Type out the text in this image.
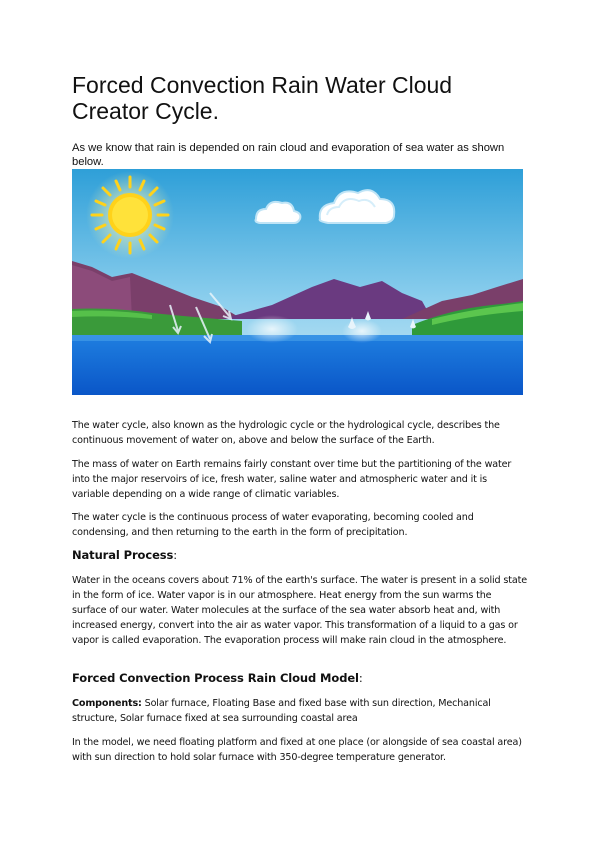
Forced Convection Rain Water Cloud Creator Cycle.
As we know that rain is depended on rain cloud and evaporation of sea water as shown below.

The water cycle, also known as the hydrologic cycle or the hydrological cycle, describes the continuous movement of water on, above and below the surface of the Earth.

The mass of water on Earth remains fairly constant over time but the partitioning of the water into the major reservoirs of ice, fresh water, saline water and atmospheric water and it is variable depending on a wide range of climatic variables.

The water cycle is the continuous process of water evaporating, becoming cooled and condensing, and then returning to the earth in the form of precipitation.

Natural Process:

Water in the oceans covers about 71% of the earth's surface. The water is present in a solid state in the form of ice. Water vapor is in our atmosphere. Heat energy from the sun warms the surface of our water. Water molecules at the surface of the sea water absorb heat and, with increased energy, convert into the air as water vapor. This transformation of a liquid to a gas or vapor is called evaporation. The evaporation process will make rain cloud in the atmosphere.

Forced Convection Process Rain Cloud Model:

Components: Solar furnace, Floating Base and fixed base with sun direction, Mechanical structure, Solar furnace fixed at sea surrounding coastal area

In the model, we need floating platform and fixed at one place (or alongside of sea coastal area) with sun direction to hold solar furnace with 350-degree temperature generator.
